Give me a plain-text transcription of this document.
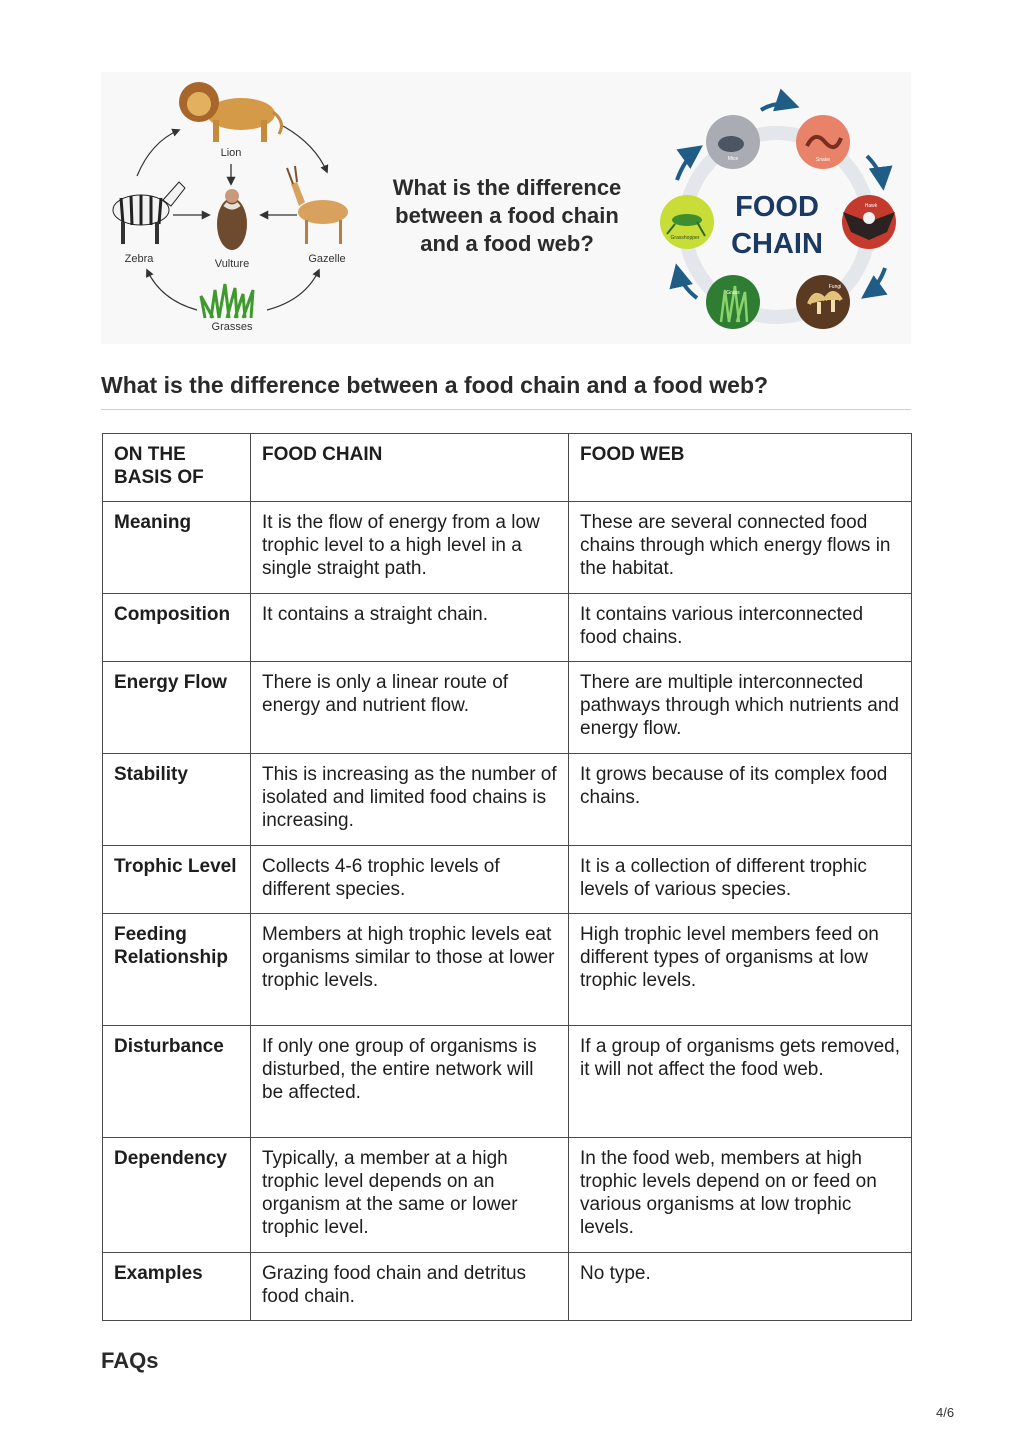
Lion
Vulture
Zebra	Gazelle
Grasses
What is the difference
between a food chain
and a food web?
FOOD
CHAIN
Mice	Snake
Hawk
Fungi
Grass
Grasshopper
What is the difference between a food chain and a food web?
ON THE BASIS OF	FOOD CHAIN	FOOD WEB
Meaning	It is the flow of energy from a low trophic level to a high level in a single straight path.	These are several connected food chains through which energy flows in the habitat.
Composition	It contains a straight chain.	It contains various interconnected food chains.
Energy Flow	There is only a linear route of energy and nutrient flow.	There are multiple interconnected pathways through which nutrients and energy flow.
Stability	This is increasing as the number of isolated and limited food chains is increasing.	It grows because of its complex food chains.
Trophic Level	Collects 4-6 trophic levels of different species.	It is a collection of different trophic levels of various species.
Feeding Relationship	Members at high trophic levels eat organisms similar to those at lower trophic levels.	High trophic level members feed on different types of organisms at low trophic levels.
Disturbance	If only one group of organisms is disturbed, the entire network will be affected.	If a group of organisms gets removed, it will not affect the food web.
Dependency	Typically, a member at a high trophic level depends on an organism at the same or lower trophic level.	In the food web, members at high trophic levels depend on or feed on various organisms at low trophic levels.
Examples	Grazing food chain and detritus food chain.	No type.
FAQs
4/6
